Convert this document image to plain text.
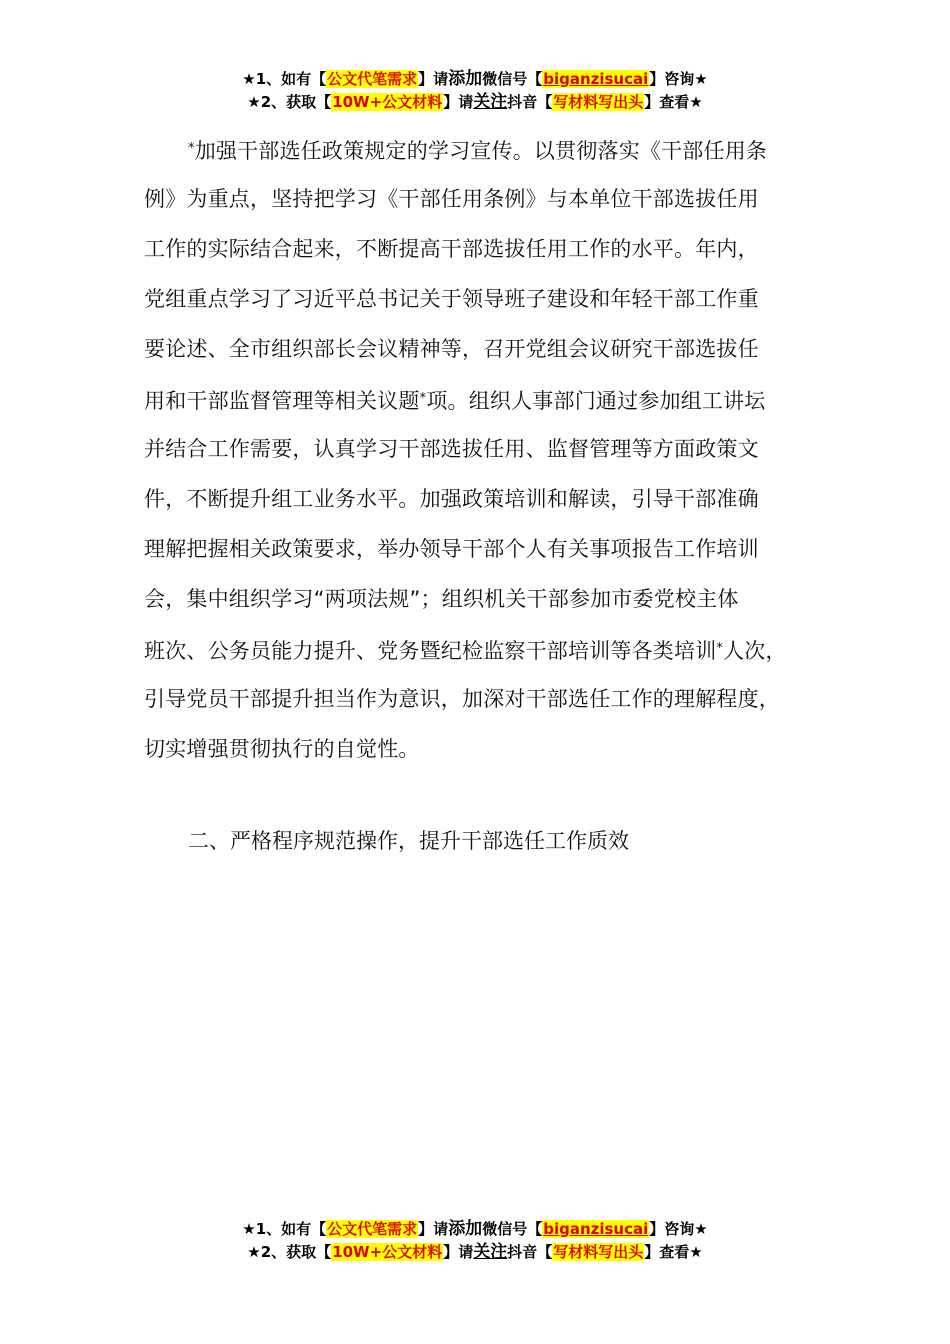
★1、如有【公文代笔需求】请添加微信号【biganzisucai】咨询★
★2、获取【10W+公文材料】请关注抖音【写材料写出头】查看★
*加强干部选任政策规定的学习宣传。以贯彻落实《干部任用条
例》为重点，坚持把学习《干部任用条例》与本单位干部选拔任用
工作的实际结合起来，不断提高干部选拔任用工作的水平。年内，
党组重点学习了习近平总书记关于领导班子建设和年轻干部工作重
要论述、全市组织部长会议精神等，召开党组会议研究干部选拔任
用和干部监督管理等相关议题*项。组织人事部门通过参加组工讲坛
并结合工作需要，认真学习干部选拔任用、监督管理等方面政策文
件，不断提升组工业务水平。加强政策培训和解读，引导干部准确
理解把握相关政策要求，举办领导干部个人有关事项报告工作培训
会，集中组织学习“两项法规”；组织机关干部参加市委党校主体
班次、公务员能力提升、党务暨纪检监察干部培训等各类培训*人次，
引导党员干部提升担当作为意识，加深对干部选任工作的理解程度，
切实增强贯彻执行的自觉性。
二、严格程序规范操作，提升干部选任工作质效
★1、如有【公文代笔需求】请添加微信号【biganzisucai】咨询★
★2、获取【10W+公文材料】请关注抖音【写材料写出头】查看★
